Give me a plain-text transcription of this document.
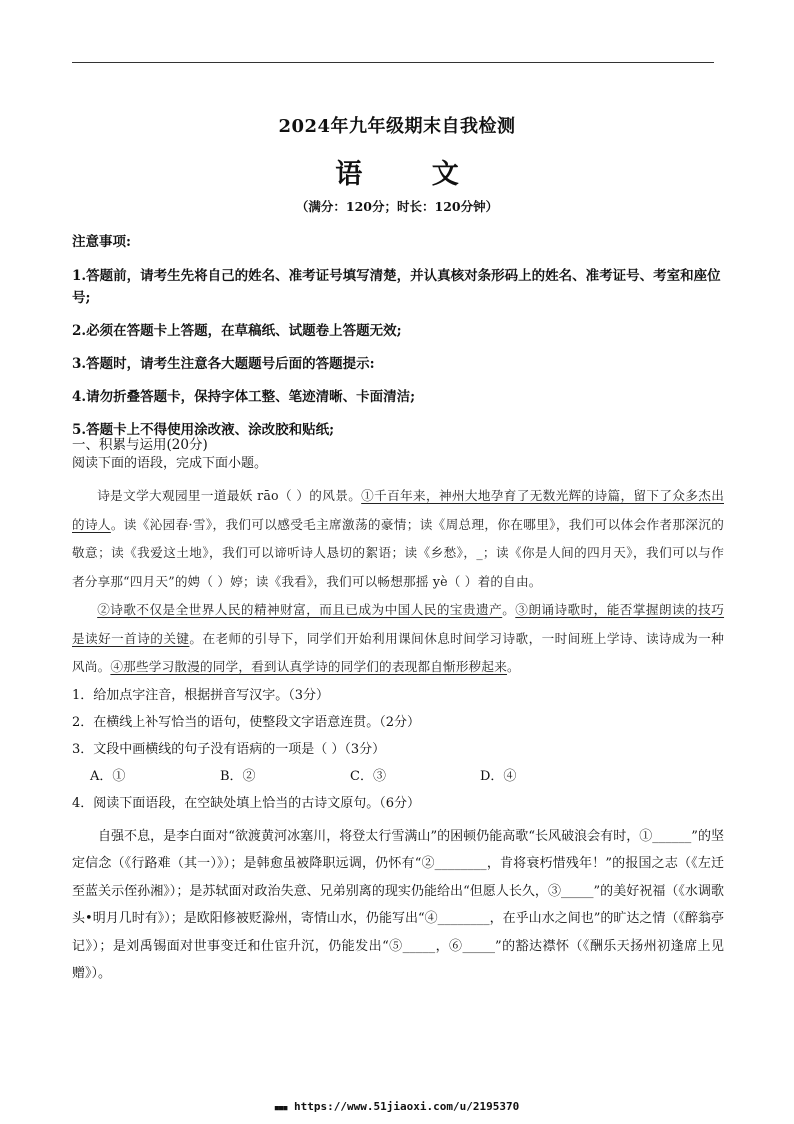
2024年九年级期末自我检测
语 文
（满分：120分；时长：120分钟）
注意事项:
1.答题前，请考生先将自己的姓名、准考证号填写清楚，并认真核对条形码上的姓名、准考证号、考室和座位号;
2.必须在答题卡上答题，在草稿纸、试题卷上答题无效;
3.答题时，请考生注意各大题题号后面的答题提示:
4.请勿折叠答题卡，保持字体工整、笔迹清晰、卡面清洁;
5.答题卡上不得使用涂改液、涂改胶和贴纸;
一、积累与运用(20分)
阅读下面的语段，完成下面小题。

诗是文学大观园里一道最妖 rāo（ ）的风景。①千百年来，神州大地孕育了无数光辉的诗篇，留下了众多杰出的诗人。读《沁园春·雪》，我们可以感受毛主席激荡的豪情；读《周总理，你在哪里》，我们可以体会作者那深沉的敬意；读《我爱这土地》，我们可以谛听诗人恳切的絮语；读《乡愁》，_；读《你是人间的四月天》，我们可以与作者分享那“四月天”的娉（ ）婷；读《我看》，我们可以畅想那摇 yè（ ）着的自由。

②诗歌不仅是全世界人民的精神财富，而且已成为中国人民的宝贵遗产。③朗诵诗歌时，能否掌握朗读的技巧是读好一首诗的关键。在老师的引导下，同学们开始利用课间休息时间学习诗歌，一时间班上学诗、读诗成为一种风尚。④那些学习散漫的同学，看到认真学诗的同学们的表现都自惭形秽起来。

1．给加点字注音，根据拼音写汉字。（3分）
2．在横线上补写恰当的语句，使整段文字语意连贯。（2分）
3．文段中画横线的句子没有语病的一项是（ ）（3分）
A．①	B．②	C．③	D．④
4．阅读下面语段，在空缺处填上恰当的古诗文原句。（6分）

自强不息，是李白面对“欲渡黄河冰塞川，将登太行雪满山”的困顿仍能高歌“长风破浪会有时，①______”的坚定信念（《行路难（其一）》）；是韩愈虽被降职远调，仍怀有“②________，肯将衰朽惜残年！”的报国之志（《左迁至蓝关示侄孙湘》）；是苏轼面对政治失意、兄弟别离的现实仍能给出“但愿人长久，③_____”的美好祝福（《水调歌头•明月几时有》）；是欧阳修被贬滁州，寄情山水，仍能写出“④________，在乎山水之间也”的旷达之情（《醉翁亭记》）；是刘禹锡面对世事变迁和仕宦升沉，仍能发出“⑤_____，⑥_____”的豁达襟怀（《酬乐天扬州初逢席上见赠》）。

■■■ https://www.51jiaoxi.com/u/2195370
